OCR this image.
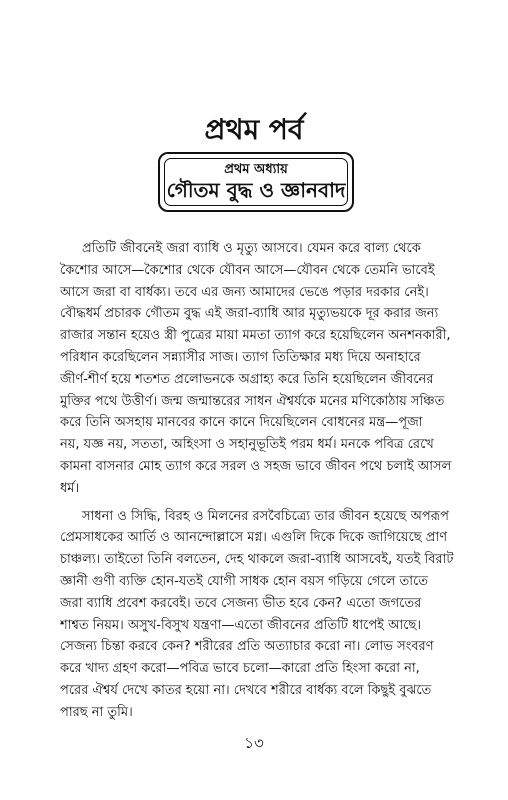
প্রথম পর্ব
প্রথম অধ্যায়
গৌতম বুদ্ধ ও জ্ঞানবাদ

প্রতিটি জীবনেই জরা ব্যাধি ও মৃত্যু আসবে। যেমন করে বাল্য থেকে

কৈশোর আসে—কৈশোর থেকে যৌবন আসে—যৌবন থেকে তেমনি ভাবেই

আসে জরা বা বার্ধক্য। তবে এর জন্য আমাদের ভেঙে পড়ার দরকার নেই।

বৌদ্ধধর্ম প্রচারক গৌতম বুদ্ধ এই জরা-ব্যাধি আর মৃত্যুভয়কে দূর করার জন্য

রাজার সন্তান হয়েও স্ত্রী পুত্রের মায়া মমতা ত্যাগ করে হয়েছিলেন অনশনকারী,

পরিধান করেছিলেন সন্ন্যাসীর সাজ। ত্যাগ তিতিক্ষার মধ্য দিয়ে অনাহারে

জীর্ণ-শীর্ণ হয়ে শতশত প্রলোভনকে অগ্রাহ্য করে তিনি হয়েছিলেন জীবনের

মুক্তির পথে উত্তীর্ণ। জন্ম জন্মান্তরের সাধন ঐশ্বর্যকে মনের মণিকোঠায় সঞ্চিত

করে তিনি অসহায় মানবের কানে কানে দিয়েছিলেন বোধনের মন্ত্র—পূজা

নয়, যজ্ঞ নয়, সততা, অহিংসা ও সহানুভূতিই পরম ধর্ম। মনকে পবিত্র রেখে

কামনা বাসনার মোহ ত্যাগ করে সরল ও সহজ ভাবে জীবন পথে চলাই আসল

ধর্ম।

সাধনা ও সিদ্ধি, বিরহ ও মিলনের রসবৈচিত্র্যে তার জীবন হয়েছে অপরূপ

প্রেমসাধকের আর্তি ও আনন্দোল্লাসে মগ্ন। এগুলি দিকে দিকে জাগিয়েছে প্রাণ

চাঞ্চল্য। তাইতো তিনি বলতেন, দেহ থাকলে জরা-ব্যাধি আসবেই, যতই বিরাট

জ্ঞানী গুণী ব্যক্তি হোন-যতই যোগী সাধক হোন বয়স গড়িয়ে গেলে তাতে

জরা ব্যাধি প্রবেশ করবেই। তবে সেজন্য ভীত হবে কেন? এতো জগতের

শাশ্বত নিয়ম। অসুখ-বিসুখ যন্ত্রণা—এতো জীবনের প্রতিটি ধাপেই আছে।

সেজন্য চিন্তা করবে কেন? শরীরের প্রতি অত্যাচার করো না। লোভ সংবরণ

করে খাদ্য গ্রহণ করো—পবিত্র ভাবে চলো—কারো প্রতি হিংসা করো না,

পরের ঐশ্বর্য দেখে কাতর হয়ো না। দেখবে শরীরে বার্ধক্য বলে কিছুই বুঝতে

পারছ না তুমি।

১৩
